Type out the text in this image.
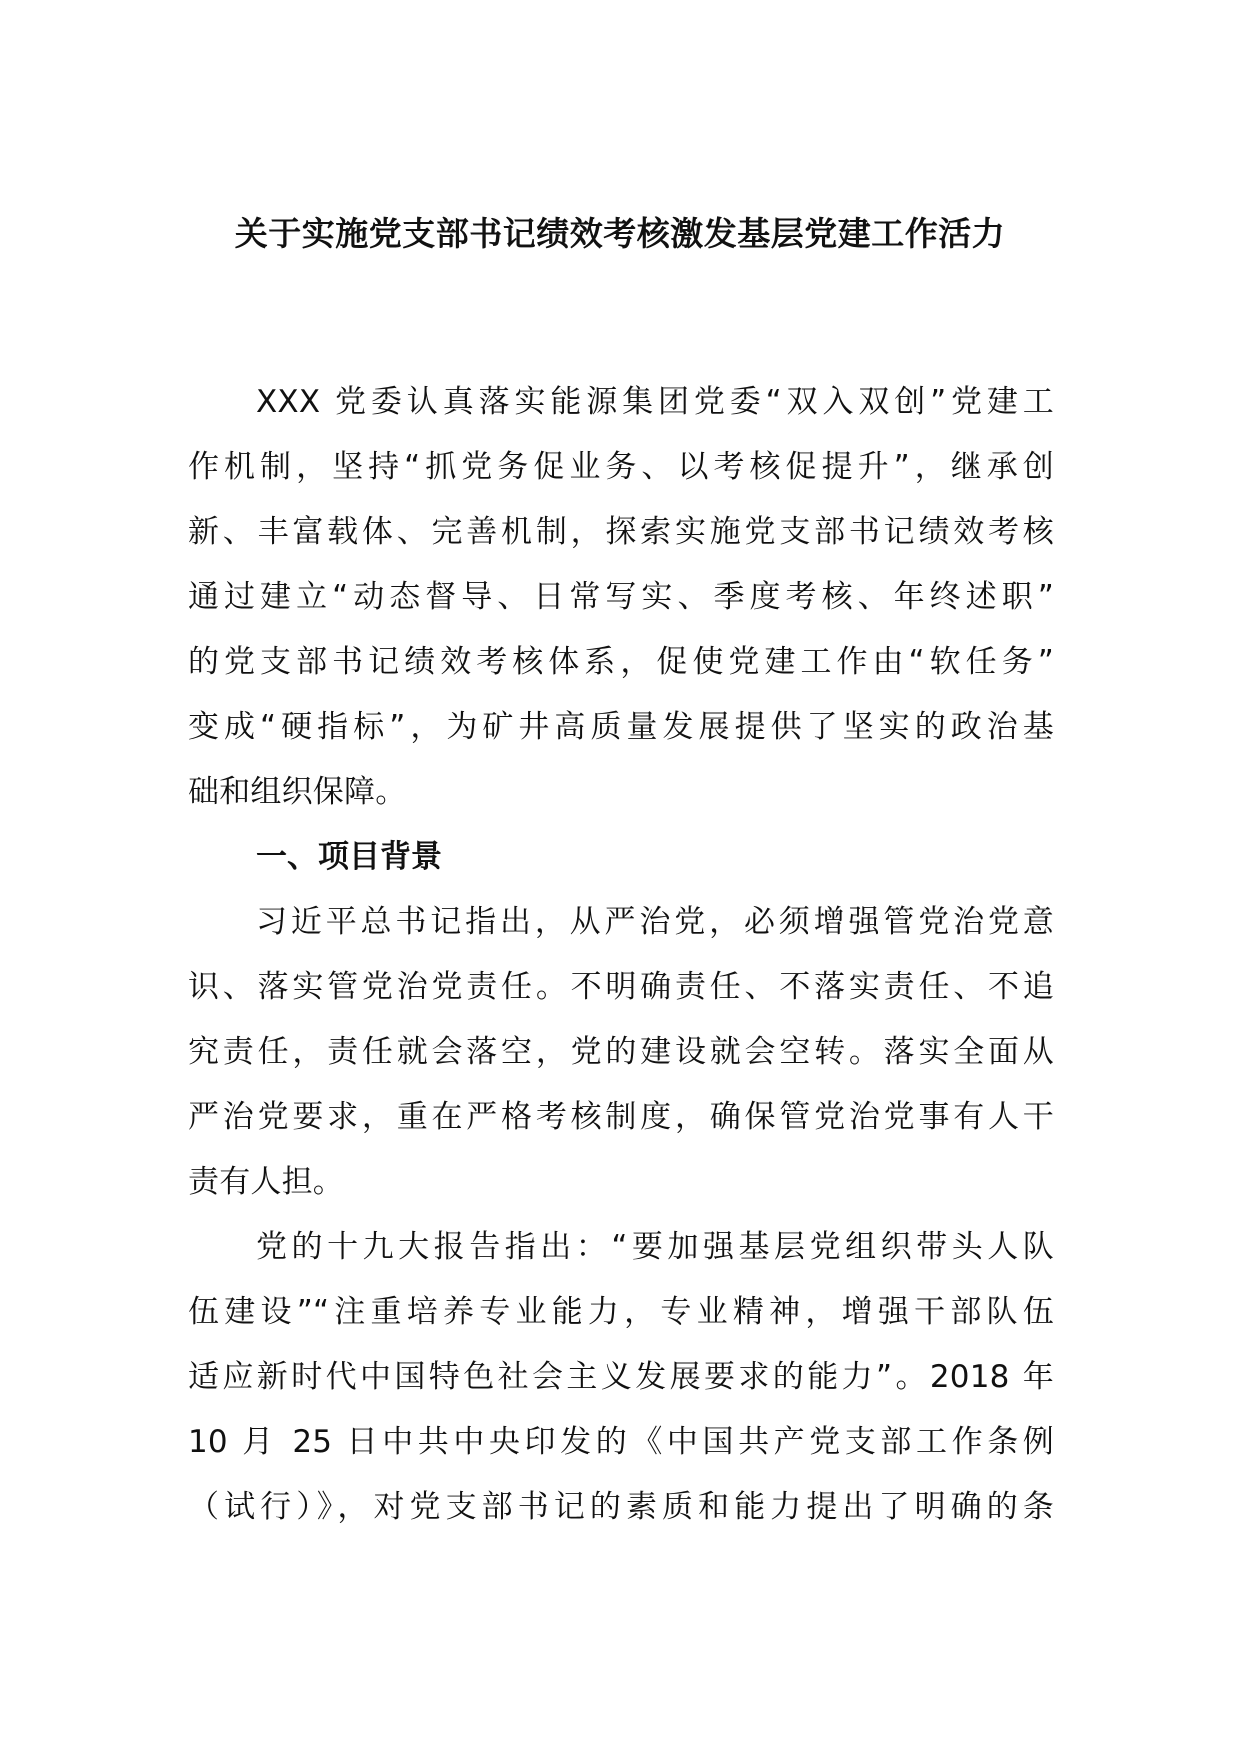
关于实施党支部书记绩效考核激发基层党建工作活力
XXX 党委认真落实能源集团党委“双入双创”党建工
作机制，坚持“抓党务促业务、以考核促提升”，继承创
新、丰富载体、完善机制，探索实施党支部书记绩效考核
通过建立“动态督导、日常写实、季度考核、年终述职”
的党支部书记绩效考核体系，促使党建工作由“软任务”
变成“硬指标”，为矿井高质量发展提供了坚实的政治基
础和组织保障。
一、项目背景
习近平总书记指出，从严治党，必须增强管党治党意
识、落实管党治党责任。不明确责任、不落实责任、不追
究责任，责任就会落空，党的建设就会空转。落实全面从
严治党要求，重在严格考核制度，确保管党治党事有人干
责有人担。
党的十九大报告指出：“要加强基层党组织带头人队
伍建设”“注重培养专业能力，专业精神，增强干部队伍
适应新时代中国特色社会主义发展要求的能力”。2018 年
10 月 25 日中共中央印发的《中国共产党支部工作条例
（试行）》，对党支部书记的素质和能力提出了明确的条
